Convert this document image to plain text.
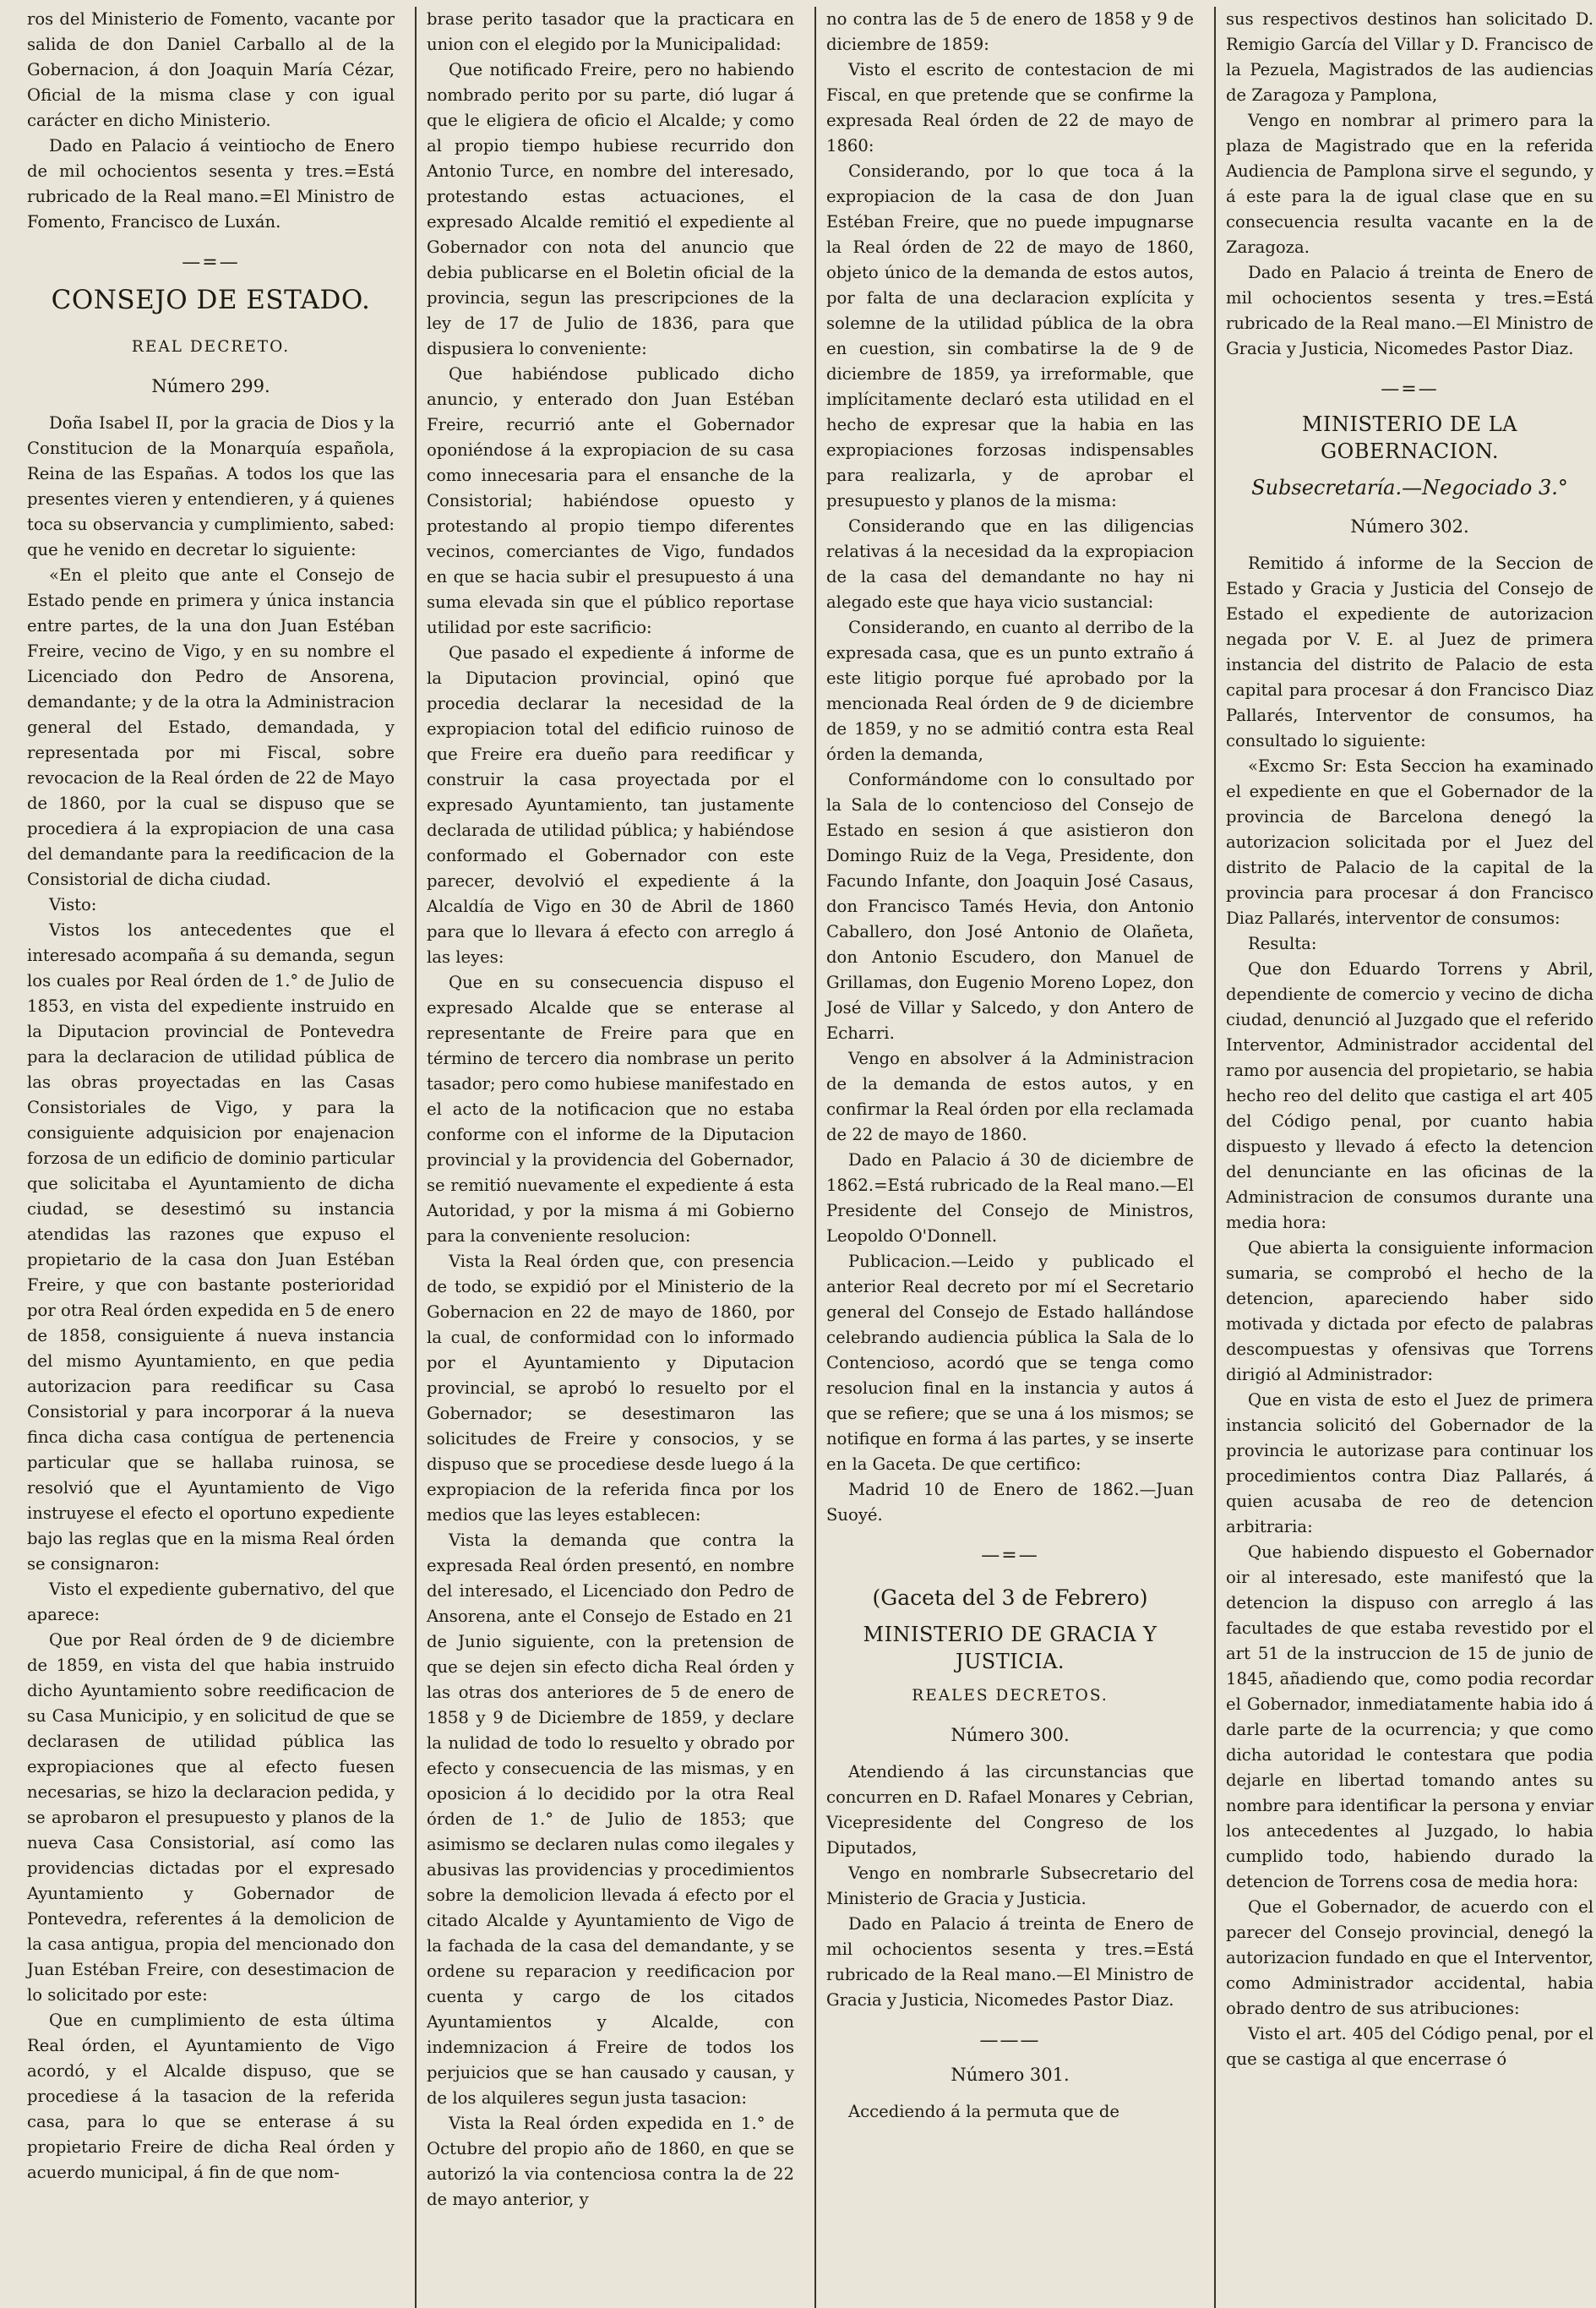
ros del Ministerio de Fomento, vacante por salida de don Daniel Carballo al de la Gobernacion, á don Joaquin María Cézar, Oficial de la misma clase y con igual carácter en dicho Ministerio.

Dado en Palacio á veintiocho de Enero de mil ochocientos sesenta y tres.=Está rubricado de la Real mano.=El Ministro de Fomento, Francisco de Luxán.

—=—
CONSEJO DE ESTADO.
REAL DECRETO.
Número 299.

Doña Isabel II, por la gracia de Dios y la Constitucion de la Monarquía española, Reina de las Españas. A todos los que las presentes vieren y entendieren, y á quienes toca su observancia y cumplimiento, sabed: que he venido en decretar lo siguiente:

«En el pleito que ante el Consejo de Estado pende en primera y única instancia entre partes, de la una don Juan Estéban Freire, vecino de Vigo, y en su nombre el Licenciado don Pedro de Ansorena, demandante; y de la otra la Administracion general del Estado, demandada, y representada por mi Fiscal, sobre revocacion de la Real órden de 22 de Mayo de 1860, por la cual se dispuso que se procediera á la expropiacion de una casa del demandante para la reedificacion de la Consistorial de dicha ciudad.

Visto:

Vistos los antecedentes que el interesado acompaña á su demanda, segun los cuales por Real órden de 1.° de Julio de 1853, en vista del expediente instruido en la Diputacion provincial de Pontevedra para la declaracion de utilidad pública de las obras proyectadas en las Casas Consistoriales de Vigo, y para la consiguiente adquisicion por enajenacion forzosa de un edificio de dominio particular que solicitaba el Ayuntamiento de dicha ciudad, se desestimó su instancia atendidas las razones que expuso el propietario de la casa don Juan Estéban Freire, y que con bastante posterioridad por otra Real órden expedida en 5 de enero de 1858, consiguiente á nueva instancia del mismo Ayuntamiento, en que pedia autorizacion para reedificar su Casa Consistorial y para incorporar á la nueva finca dicha casa contígua de pertenencia particular que se hallaba ruinosa, se resolvió que el Ayuntamiento de Vigo instruyese el efecto el oportuno expediente bajo las reglas que en la misma Real órden se consignaron:

Visto el expediente gubernativo, del que aparece:

Que por Real órden de 9 de diciembre de 1859, en vista del que habia instruido dicho Ayuntamiento sobre reedificacion de su Casa Municipio, y en solicitud de que se declarasen de utilidad pública las expropiaciones que al efecto fuesen necesarias, se hizo la declaracion pedida, y se aprobaron el presupuesto y planos de la nueva Casa Consistorial, así como las providencias dictadas por el expresado Ayuntamiento y Gobernador de Pontevedra, referentes á la demolicion de la casa antigua, propia del mencionado don Juan Estéban Freire, con desestimacion de lo solicitado por este:

Que en cumplimiento de esta última Real órden, el Ayuntamiento de Vigo acordó, y el Alcalde dispuso, que se procediese á la tasacion de la referida casa, para lo que se enterase á su propietario Freire de dicha Real órden y acuerdo municipal, á fin de que nom-

brase perito tasador que la practicara en union con el elegido por la Municipalidad:

Que notificado Freire, pero no habiendo nombrado perito por su parte, dió lugar á que le eligiera de oficio el Alcalde; y como al propio tiempo hubiese recurrido don Antonio Turce, en nombre del interesado, protestando estas actuaciones, el expresado Alcalde remitió el expediente al Gobernador con nota del anuncio que debia publicarse en el Boletin oficial de la provincia, segun las prescripciones de la ley de 17 de Julio de 1836, para que dispusiera lo conveniente:

Que habiéndose publicado dicho anuncio, y enterado don Juan Estéban Freire, recurrió ante el Gobernador oponiéndose á la expropiacion de su casa como innecesaria para el ensanche de la Consistorial; habiéndose opuesto y protestando al propio tiempo diferentes vecinos, comerciantes de Vigo, fundados en que se hacia subir el presupuesto á una suma elevada sin que el público reportase utilidad por este sacrificio:

Que pasado el expediente á informe de la Diputacion provincial, opinó que procedia declarar la necesidad de la expropiacion total del edificio ruinoso de que Freire era dueño para reedificar y construir la casa proyectada por el expresado Ayuntamiento, tan justamente declarada de utilidad pública; y habiéndose conformado el Gobernador con este parecer, devolvió el expediente á la Alcaldía de Vigo en 30 de Abril de 1860 para que lo llevara á efecto con arreglo á las leyes:

Que en su consecuencia dispuso el expresado Alcalde que se enterase al representante de Freire para que en término de tercero dia nombrase un perito tasador; pero como hubiese manifestado en el acto de la notificacion que no estaba conforme con el informe de la Diputacion provincial y la providencia del Gobernador, se remitió nuevamente el expediente á esta Autoridad, y por la misma á mi Gobierno para la conveniente resolucion:

Vista la Real órden que, con presencia de todo, se expidió por el Ministerio de la Gobernacion en 22 de mayo de 1860, por la cual, de conformidad con lo informado por el Ayuntamiento y Diputacion provincial, se aprobó lo resuelto por el Gobernador; se desestimaron las solicitudes de Freire y consocios, y se dispuso que se procediese desde luego á la expropiacion de la referida finca por los medios que las leyes establecen:

Vista la demanda que contra la expresada Real órden presentó, en nombre del interesado, el Licenciado don Pedro de Ansorena, ante el Consejo de Estado en 21 de Junio siguiente, con la pretension de que se dejen sin efecto dicha Real órden y las otras dos anteriores de 5 de enero de 1858 y 9 de Diciembre de 1859, y declare la nulidad de todo lo resuelto y obrado por efecto y consecuencia de las mismas, y en oposicion á lo decidido por la otra Real órden de 1.° de Julio de 1853; que asimismo se declaren nulas como ilegales y abusivas las providencias y procedimientos sobre la demolicion llevada á efecto por el citado Alcalde y Ayuntamiento de Vigo de la fachada de la casa del demandante, y se ordene su reparacion y reedificacion por cuenta y cargo de los citados Ayuntamientos y Alcalde, con indemnizacion á Freire de todos los perjuicios que se han causado y causan, y de los alquileres segun justa tasacion:

Vista la Real órden expedida en 1.° de Octubre del propio año de 1860, en que se autorizó la via contenciosa contra la de 22 de mayo anterior, y

no contra las de 5 de enero de 1858 y 9 de diciembre de 1859:

Visto el escrito de contestacion de mi Fiscal, en que pretende que se confirme la expresada Real órden de 22 de mayo de 1860:

Considerando, por lo que toca á la expropiacion de la casa de don Juan Estéban Freire, que no puede impugnarse la Real órden de 22 de mayo de 1860, objeto único de la demanda de estos autos, por falta de una declaracion explícita y solemne de la utilidad pública de la obra en cuestion, sin combatirse la de 9 de diciembre de 1859, ya irreformable, que implícitamente declaró esta utilidad en el hecho de expresar que la habia en las expropiaciones forzosas indispensables para realizarla, y de aprobar el presupuesto y planos de la misma:

Considerando que en las diligencias relativas á la necesidad da la expropiacion de la casa del demandante no hay ni alegado este que haya vicio sustancial:

Considerando, en cuanto al derribo de la expresada casa, que es un punto extraño á este litigio porque fué aprobado por la mencionada Real órden de 9 de diciembre de 1859, y no se admitió contra esta Real órden la demanda,

Conformándome con lo consultado por la Sala de lo contencioso del Consejo de Estado en sesion á que asistieron don Domingo Ruiz de la Vega, Presidente, don Facundo Infante, don Joaquin José Casaus, don Francisco Tamés Hevia, don Antonio Caballero, don José Antonio de Olañeta, don Antonio Escudero, don Manuel de Grillamas, don Eugenio Moreno Lopez, don José de Villar y Salcedo, y don Antero de Echarri.

Vengo en absolver á la Administracion de la demanda de estos autos, y en confirmar la Real órden por ella reclamada de 22 de mayo de 1860.

Dado en Palacio á 30 de diciembre de 1862.=Está rubricado de la Real mano.—El Presidente del Consejo de Ministros, Leopoldo O'Donnell.

Publicacion.—Leido y publicado el anterior Real decreto por mí el Secretario general del Consejo de Estado hallándose celebrando audiencia pública la Sala de lo Contencioso, acordó que se tenga como resolucion final en la instancia y autos á que se refiere; que se una á los mismos; se notifique en forma á las partes, y se inserte en la Gaceta. De que certifico:

Madrid 10 de Enero de 1862.—Juan Suoyé.

—=—
(Gaceta del 3 de Febrero)
MINISTERIO DE GRACIA Y JUSTICIA.
REALES DECRETOS.
Número 300.

Atendiendo á las circunstancias que concurren en D. Rafael Monares y Cebrian, Vicepresidente del Congreso de los Diputados,

Vengo en nombrarle Subsecretario del Ministerio de Gracia y Justicia.

Dado en Palacio á treinta de Enero de mil ochocientos sesenta y tres.=Está rubricado de la Real mano.—El Ministro de Gracia y Justicia, Nicomedes Pastor Diaz.

———
Número 301.

Accediendo á la permuta que de

sus respectivos destinos han solicitado D. Remigio García del Villar y D. Francisco de la Pezuela, Magistrados de las audiencias de Zaragoza y Pamplona,

Vengo en nombrar al primero para la plaza de Magistrado que en la referida Audiencia de Pamplona sirve el segundo, y á este para la de igual clase que en su consecuencia resulta vacante en la de Zaragoza.

Dado en Palacio á treinta de Enero de mil ochocientos sesenta y tres.=Está rubricado de la Real mano.—El Ministro de Gracia y Justicia, Nicomedes Pastor Diaz.

—=—
MINISTERIO DE LA GOBERNACION.
Subsecretaría.—Negociado 3.°
Número 302.

Remitido á informe de la Seccion de Estado y Gracia y Justicia del Consejo de Estado el expediente de autorizacion negada por V. E. al Juez de primera instancia del distrito de Palacio de esta capital para procesar á don Francisco Diaz Pallarés, Interventor de consumos, ha consultado lo siguiente:

«Excmo Sr: Esta Seccion ha examinado el expediente en que el Gobernador de la provincia de Barcelona denegó la autorizacion solicitada por el Juez del distrito de Palacio de la capital de la provincia para procesar á don Francisco Diaz Pallarés, interventor de consumos:

Resulta:

Que don Eduardo Torrens y Abril, dependiente de comercio y vecino de dicha ciudad, denunció al Juzgado que el referido Interventor, Administrador accidental del ramo por ausencia del propietario, se habia hecho reo del delito que castiga el art 405 del Código penal, por cuanto habia dispuesto y llevado á efecto la detencion del denunciante en las oficinas de la Administracion de consumos durante una media hora:

Que abierta la consiguiente informacion sumaria, se comprobó el hecho de la detencion, apareciendo haber sido motivada y dictada por efecto de palabras descompuestas y ofensivas que Torrens dirigió al Administrador:

Que en vista de esto el Juez de primera instancia solicitó del Gobernador de la provincia le autorizase para continuar los procedimientos contra Diaz Pallarés, á quien acusaba de reo de detencion arbitraria:

Que habiendo dispuesto el Gobernador oir al interesado, este manifestó que la detencion la dispuso con arreglo á las facultades de que estaba revestido por el art 51 de la instruccion de 15 de junio de 1845, añadiendo que, como podia recordar el Gobernador, inmediatamente habia ido á darle parte de la ocurrencia; y que como dicha autoridad le contestara que podia dejarle en libertad tomando antes su nombre para identificar la persona y enviar los antecedentes al Juzgado, lo habia cumplido todo, habiendo durado la detencion de Torrens cosa de media hora:

Que el Gobernador, de acuerdo con el parecer del Consejo provincial, denegó la autorizacion fundado en que el Interventor, como Administrador accidental, habia obrado dentro de sus atribuciones:

Visto el art. 405 del Código penal, por el que se castiga al que encerrase ó
